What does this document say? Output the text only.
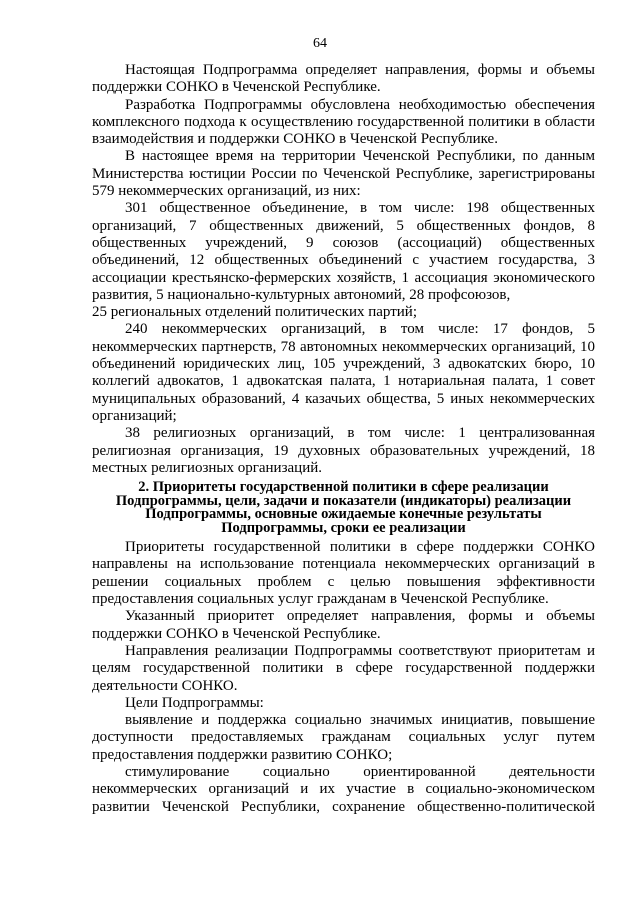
64

Настоящая Подпрограмма определяет направления, формы и объемы поддержки СОНКО в Чеченской Республике.

Разработка Подпрограммы обусловлена необходимостью обеспечения комплексного подхода к осуществлению государственной политики в области взаимодействия и поддержки СОНКО в Чеченской Республике.

В настоящее время на территории Чеченской Республики, по данным Министерства юстиции России по Чеченской Республике, зарегистрированы 579 некоммерческих организаций, из них:

301 общественное объединение, в том числе: 198 общественных организаций, 7 общественных движений, 5 общественных фондов, 8 общественных учреждений, 9 союзов (ассоциаций) общественных объединений, 12 общественных объединений с участием государства, 3 ассоциации крестьянско-фермерских хозяйств, 1 ассоциация экономического развития, 5 национально-культурных автономий, 28 профсоюзов,

25 региональных отделений политических партий;

240 некоммерческих организаций, в том числе: 17 фондов, 5 некоммерческих партнерств, 78 автономных некоммерческих организаций, 10 объединений юридических лиц, 105 учреждений, 3 адвокатских бюро, 10 коллегий адвокатов, 1 адвокатская палата, 1 нотариальная палата, 1 совет муниципальных образований, 4 казачьих общества, 5 иных некоммерческих организаций;

38 религиозных организаций, в том числе: 1 централизованная религиозная организация, 19 духовных образовательных учреждений, 18 местных религиозных организаций.

2. Приоритеты государственной политики в сфере реализации Подпрограммы, цели, задачи и показатели (индикаторы) реализации Подпрограммы, основные ожидаемые конечные результаты Подпрограммы, сроки ее реализации

Приоритеты государственной политики в сфере поддержки СОНКО направлены на использование потенциала некоммерческих организаций в решении социальных проблем с целью повышения эффективности предоставления социальных услуг гражданам в Чеченской Республике.

Указанный приоритет определяет направления, формы и объемы поддержки СОНКО в Чеченской Республике.

Направления реализации Подпрограммы соответствуют приоритетам и целям государственной политики в сфере государственной поддержки деятельности СОНКО.

Цели Подпрограммы:

выявление и поддержка социально значимых инициатив, повышение доступности предоставляемых гражданам социальных услуг путем предоставления поддержки развитию СОНКО;

стимулирование социально ориентированной деятельности некоммерческих организаций и их участие в социально-экономическом развитии Чеченской Республики, сохранение общественно-политической
